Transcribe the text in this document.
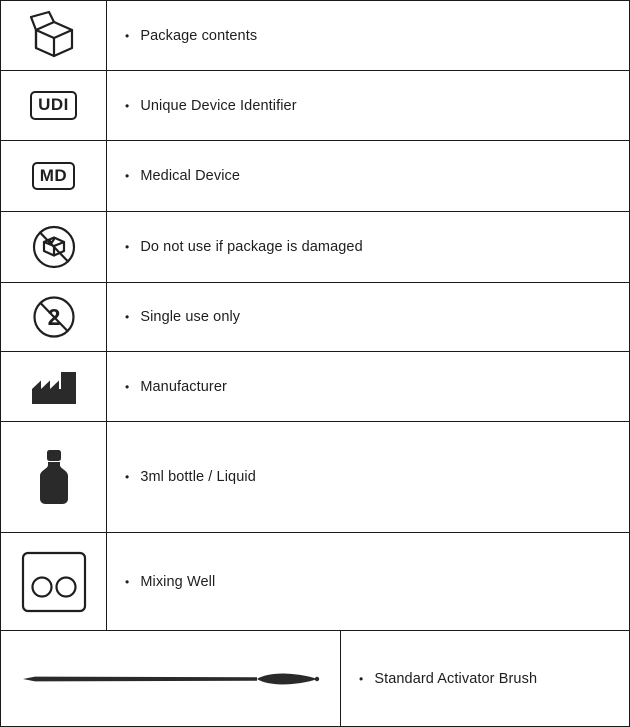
• Package contents
UDI	• Unique Device Identifier
MD	• Medical Device
• Do not use if package is damaged
2	• Single use only
• Manufacturer
• 3ml bottle / Liquid
• Mixing Well
• Standard Activator Brush
